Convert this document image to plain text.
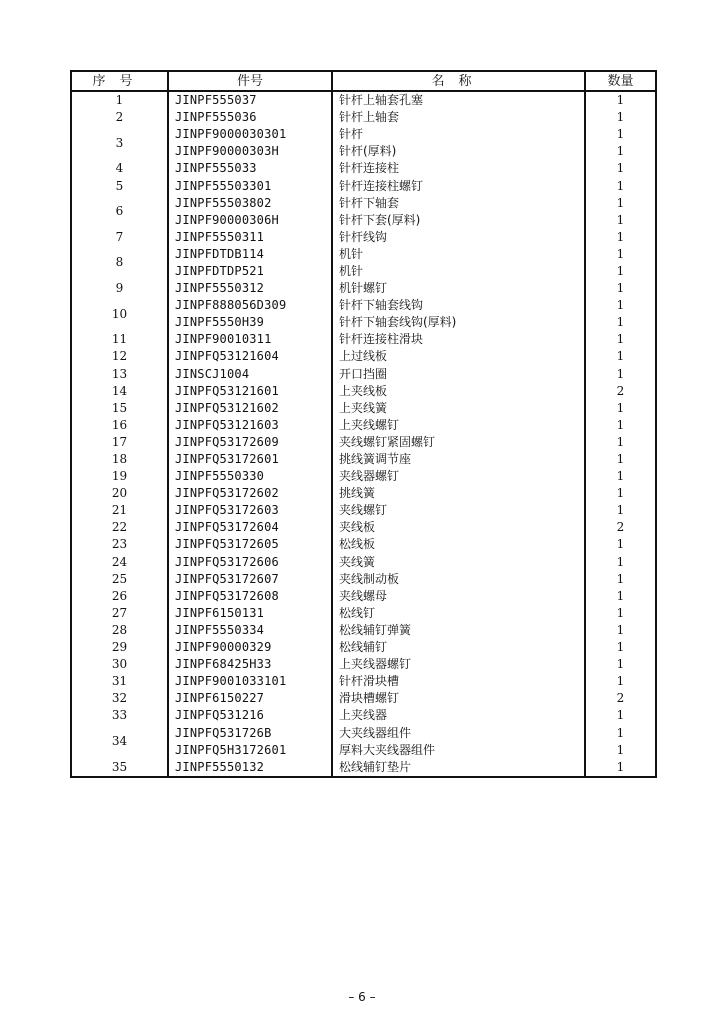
序号	件号	名称	数量
1	JINPF555037	针杆上轴套孔塞	1
2	JINPF555036	针杆上轴套	1
3	JINPF9000030301	针杆	1
	JINPF90000303H	针杆(厚料)	1
4	JINPF555033	针杆连接柱	1
5	JINPF55503301	针杆连接柱螺钉	1
6	JINPF55503802	针杆下轴套	1
	JINPF90000306H	针杆下套(厚料)	1
7	JINPF5550311	针杆线钩	1
8	JINPFDTDB114	机针	1
	JINPFDTDP521	机针	1
9	JINPF5550312	机针螺钉	1
10	JINPF888056D309	针杆下轴套线钩	1
	JINPF5550H39	针杆下轴套线钩(厚料)	1
11	JINPF90010311	针杆连接柱滑块	1
12	JINPFQ53121604	上过线板	1
13	JINSCJ1004	开口挡圈	1
14	JINPFQ53121601	上夹线板	2
15	JINPFQ53121602	上夹线簧	1
16	JINPFQ53121603	上夹线螺钉	1
17	JINPFQ53172609	夹线螺钉紧固螺钉	1
18	JINPFQ53172601	挑线簧调节座	1
19	JINPF5550330	夹线器螺钉	1
20	JINPFQ53172602	挑线簧	1
21	JINPFQ53172603	夹线螺钉	1
22	JINPFQ53172604	夹线板	2
23	JINPFQ53172605	松线板	1
24	JINPFQ53172606	夹线簧	1
25	JINPFQ53172607	夹线制动板	1
26	JINPFQ53172608	夹线螺母	1
27	JINPF6150131	松线钉	1
28	JINPF5550334	松线辅钉弹簧	1
29	JINPF90000329	松线辅钉	1
30	JINPF68425H33	上夹线器螺钉	1
31	JINPF9001033101	针杆滑块槽	1
32	JINPF6150227	滑块槽螺钉	2
33	JINPFQ531216	上夹线器	1
34	JINPFQ531726B	大夹线器组件	1
	JINPFQ5H3172601	厚料大夹线器组件	1
35	JINPF5550132	松线辅钉垫片	1
– 6 –
